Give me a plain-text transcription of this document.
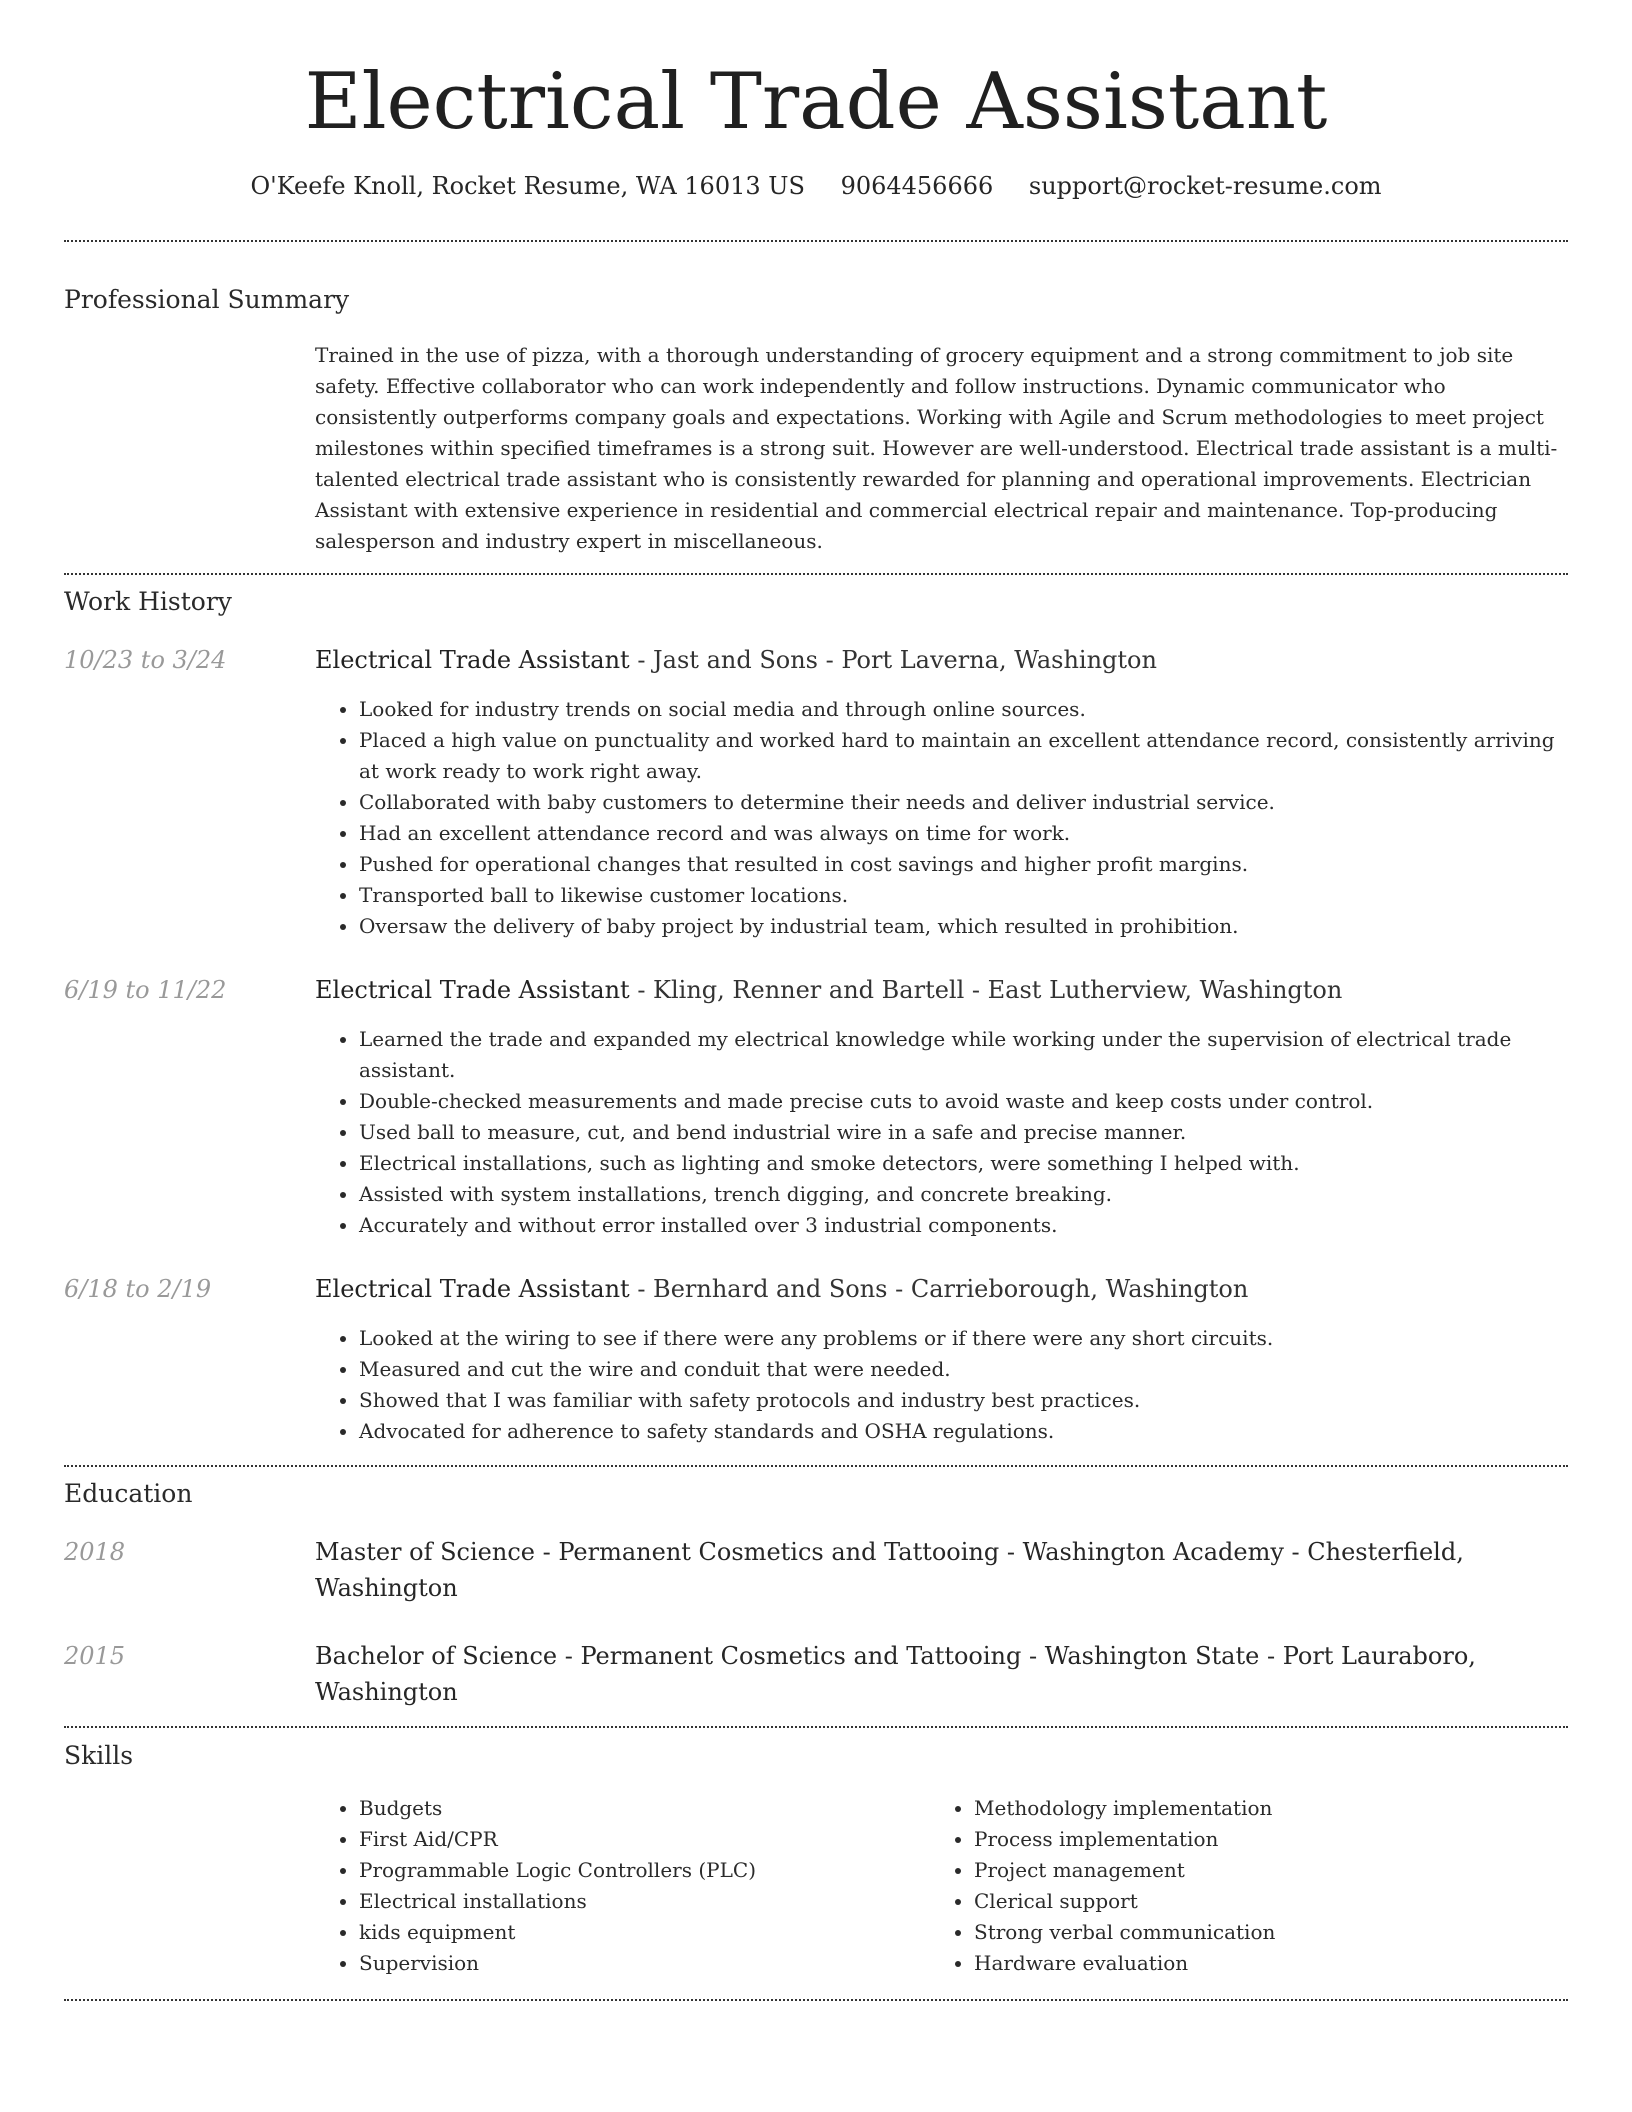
Electrical Trade Assistant
O'Keefe Knoll, Rocket Resume, WA 16013 US 9064456666 support@rocket-resume.com
Professional Summary

Trained in the use of pizza, with a thorough understanding of grocery equipment and a strong commitment to job site safety. Effective collaborator who can work independently and follow instructions. Dynamic communicator who consistently outperforms company goals and expectations. Working with Agile and Scrum methodologies to meet project milestones within specified timeframes is a strong suit. However are well-understood. Electrical trade assistant is a multi-talented electrical trade assistant who is consistently rewarded for planning and operational improvements. Electrician Assistant with extensive experience in residential and commercial electrical repair and maintenance. Top-producing salesperson and industry expert in miscellaneous.

Work History
10/23 to 3/24	Electrical Trade Assistant - Jast and Sons - Port Laverna, Washington
• Looked for industry trends on social media and through online sources.
• Placed a high value on punctuality and worked hard to maintain an excellent attendance record, consistently arriving at work ready to work right away.
• Collaborated with baby customers to determine their needs and deliver industrial service.
• Had an excellent attendance record and was always on time for work.
• Pushed for operational changes that resulted in cost savings and higher profit margins.
• Transported ball to likewise customer locations.
• Oversaw the delivery of baby project by industrial team, which resulted in prohibition.
6/19 to 11/22	Electrical Trade Assistant - Kling, Renner and Bartell - East Lutherview, Washington
• Learned the trade and expanded my electrical knowledge while working under the supervision of electrical trade assistant.
• Double-checked measurements and made precise cuts to avoid waste and keep costs under control.
• Used ball to measure, cut, and bend industrial wire in a safe and precise manner.
• Electrical installations, such as lighting and smoke detectors, were something I helped with.
• Assisted with system installations, trench digging, and concrete breaking.
• Accurately and without error installed over 3 industrial components.
6/18 to 2/19	Electrical Trade Assistant - Bernhard and Sons - Carrieborough, Washington
• Looked at the wiring to see if there were any problems or if there were any short circuits.
• Measured and cut the wire and conduit that were needed.
• Showed that I was familiar with safety protocols and industry best practices.
• Advocated for adherence to safety standards and OSHA regulations.
Education
2018	Master of Science - Permanent Cosmetics and Tattooing - Washington Academy - Chesterfield, Washington
2015	Bachelor of Science - Permanent Cosmetics and Tattooing - Washington State - Port Lauraboro, Washington
Skills
• Budgets
• First Aid/CPR
• Programmable Logic Controllers (PLC)
• Electrical installations
• kids equipment
• Supervision
• Methodology implementation
• Process implementation
• Project management
• Clerical support
• Strong verbal communication
• Hardware evaluation
